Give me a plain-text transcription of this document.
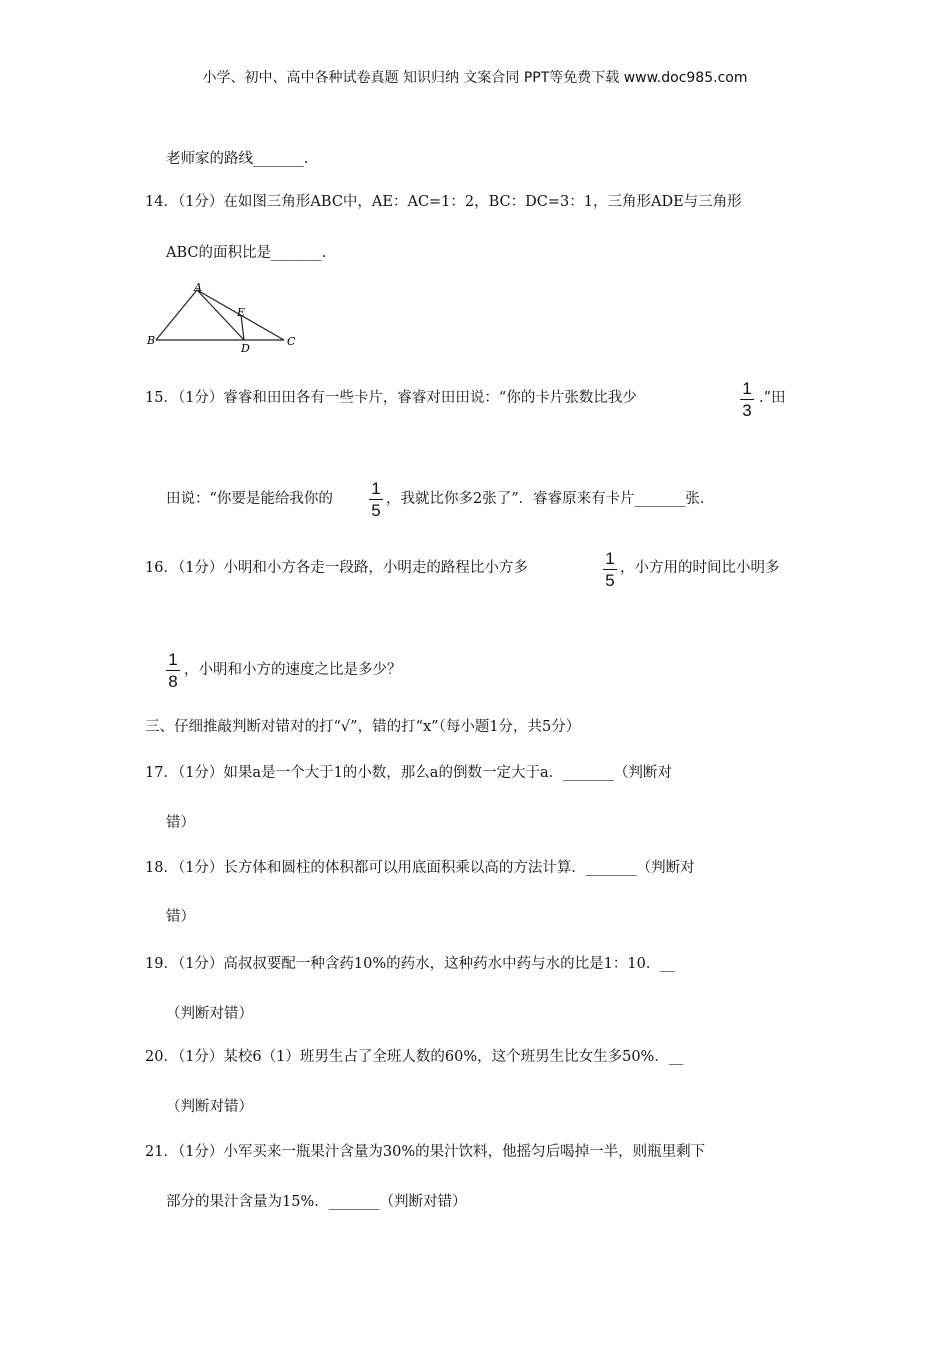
小学、初中、高中各种试卷真题 知识归纳 文案合同 PPT等免费下载 www.doc985.com
老师家的路线_______.
14．（1分）在如图三角形ABC中，AE：AC=1：2，BC：DC=3：1，三角形ADE与三角形
ABC的面积比是_______.
A
B	C
D
E
15．（1分）睿睿和田田各有一些卡片，睿睿对田田说：“你的卡片张数比我少	1
3
.”田
田说：“你要是能给我你的
1
5
，我就比你多2张了”．睿睿原来有卡片_______张．
16．（1分）小明和小方各走一段路，小明走的路程比小方多	1
5
，小方用的时间比小明多
1
8
，小明和小方的速度之比是多少？
三、仔细推敲判断对错对的打“√”，错的打“x”（每小题1分，共5分）
17．（1分）如果a是一个大于1的小数，那么a的倒数一定大于a．_______（判断对
错）
18．（1分）长方体和圆柱的体积都可以用底面积乘以高的方法计算．_______（判断对
错）
19．（1分）高叔叔要配一种含药10%的药水，这种药水中药与水的比是1：10．__
（判断对错）
20．（1分）某校6（1）班男生占了全班人数的60%，这个班男生比女生多50%．__
（判断对错）
21．（1分）小军买来一瓶果汁含量为30%的果汁饮料，他摇匀后喝掉一半，则瓶里剩下
部分的果汁含量为15%．_______（判断对错）
